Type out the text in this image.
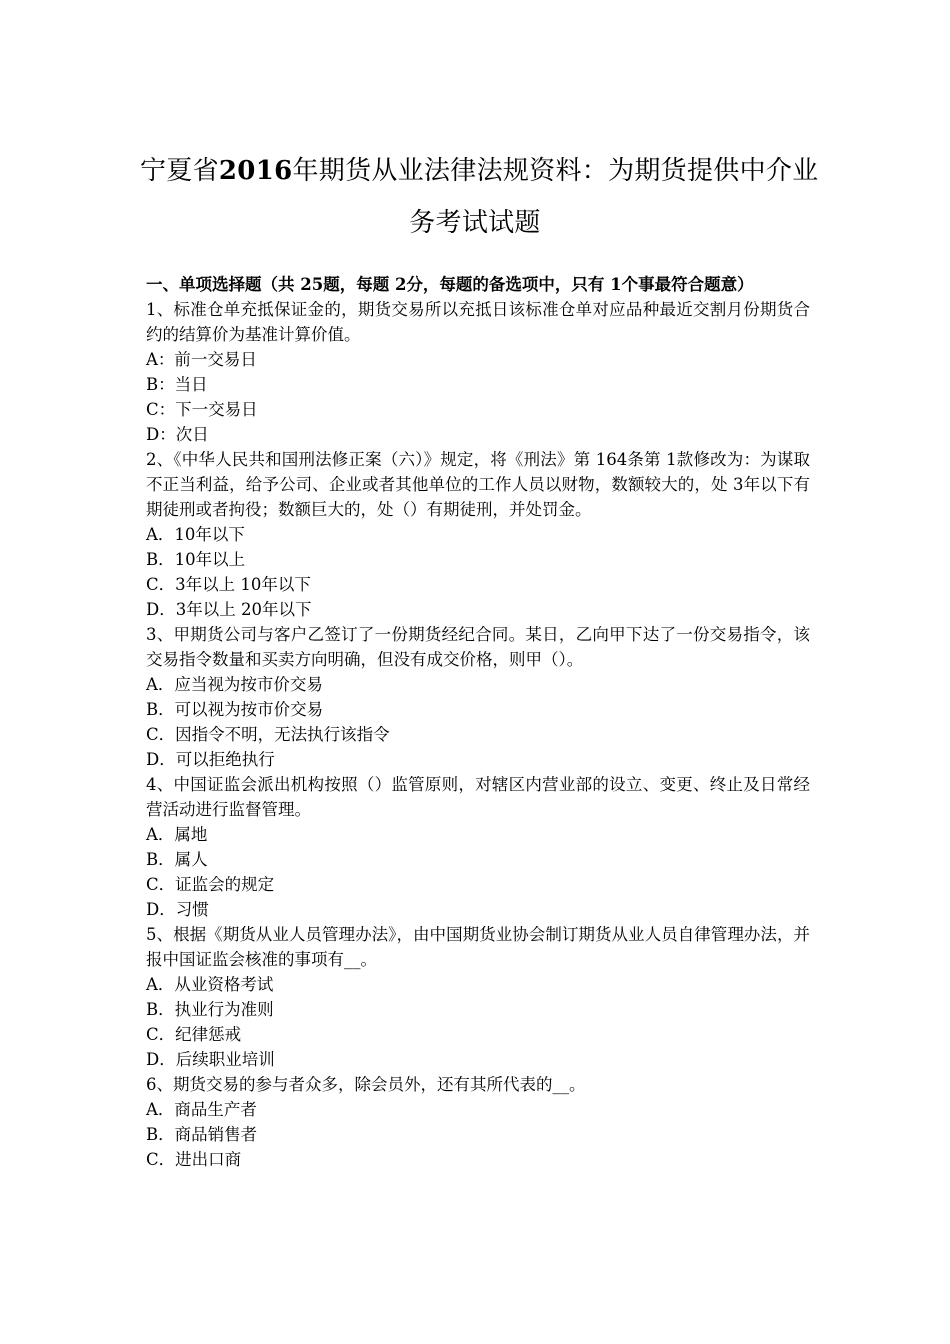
宁夏省2016年期货从业法律法规资料：为期货提供中介业
务考试试题

一、单项选择题（共 25题，每题 2分，每题的备选项中，只有 1个事最符合题意）

1、标准仓单充抵保证金的，期货交易所以充抵日该标准仓单对应品种最近交割月份期货合约的结算价为基准计算价值。

A：前一交易日

B：当日

C：下一交易日

D：次日

2、《中华人民共和国刑法修正案（六）》规定，将《刑法》第 164条第 1款修改为：为谋取不正当利益，给予公司、企业或者其他单位的工作人员以财物，数额较大的，处 3年以下有期徒刑或者拘役；数额巨大的，处（）有期徒刑，并处罚金。

A．10年以下

B．10年以上

C．3年以上 10年以下

D．3年以上 20年以下

3、甲期货公司与客户乙签订了一份期货经纪合同。某日，乙向甲下达了一份交易指令，该交易指令数量和买卖方向明确，但没有成交价格，则甲（）。

A．应当视为按市价交易

B．可以视为按市价交易

C．因指令不明，无法执行该指令

D．可以拒绝执行

4、中国证监会派出机构按照（）监管原则，对辖区内营业部的设立、变更、终止及日常经营活动进行监督管理。

A．属地

B．属人

C．证监会的规定

D．习惯

5、根据《期货从业人员管理办法》，由中国期货业协会制订期货从业人员自律管理办法，并报中国证监会核准的事项有__。

A．从业资格考试

B．执业行为准则

C．纪律惩戒

D．后续职业培训

6、期货交易的参与者众多，除会员外，还有其所代表的__。

A．商品生产者

B．商品销售者

C．进出口商
